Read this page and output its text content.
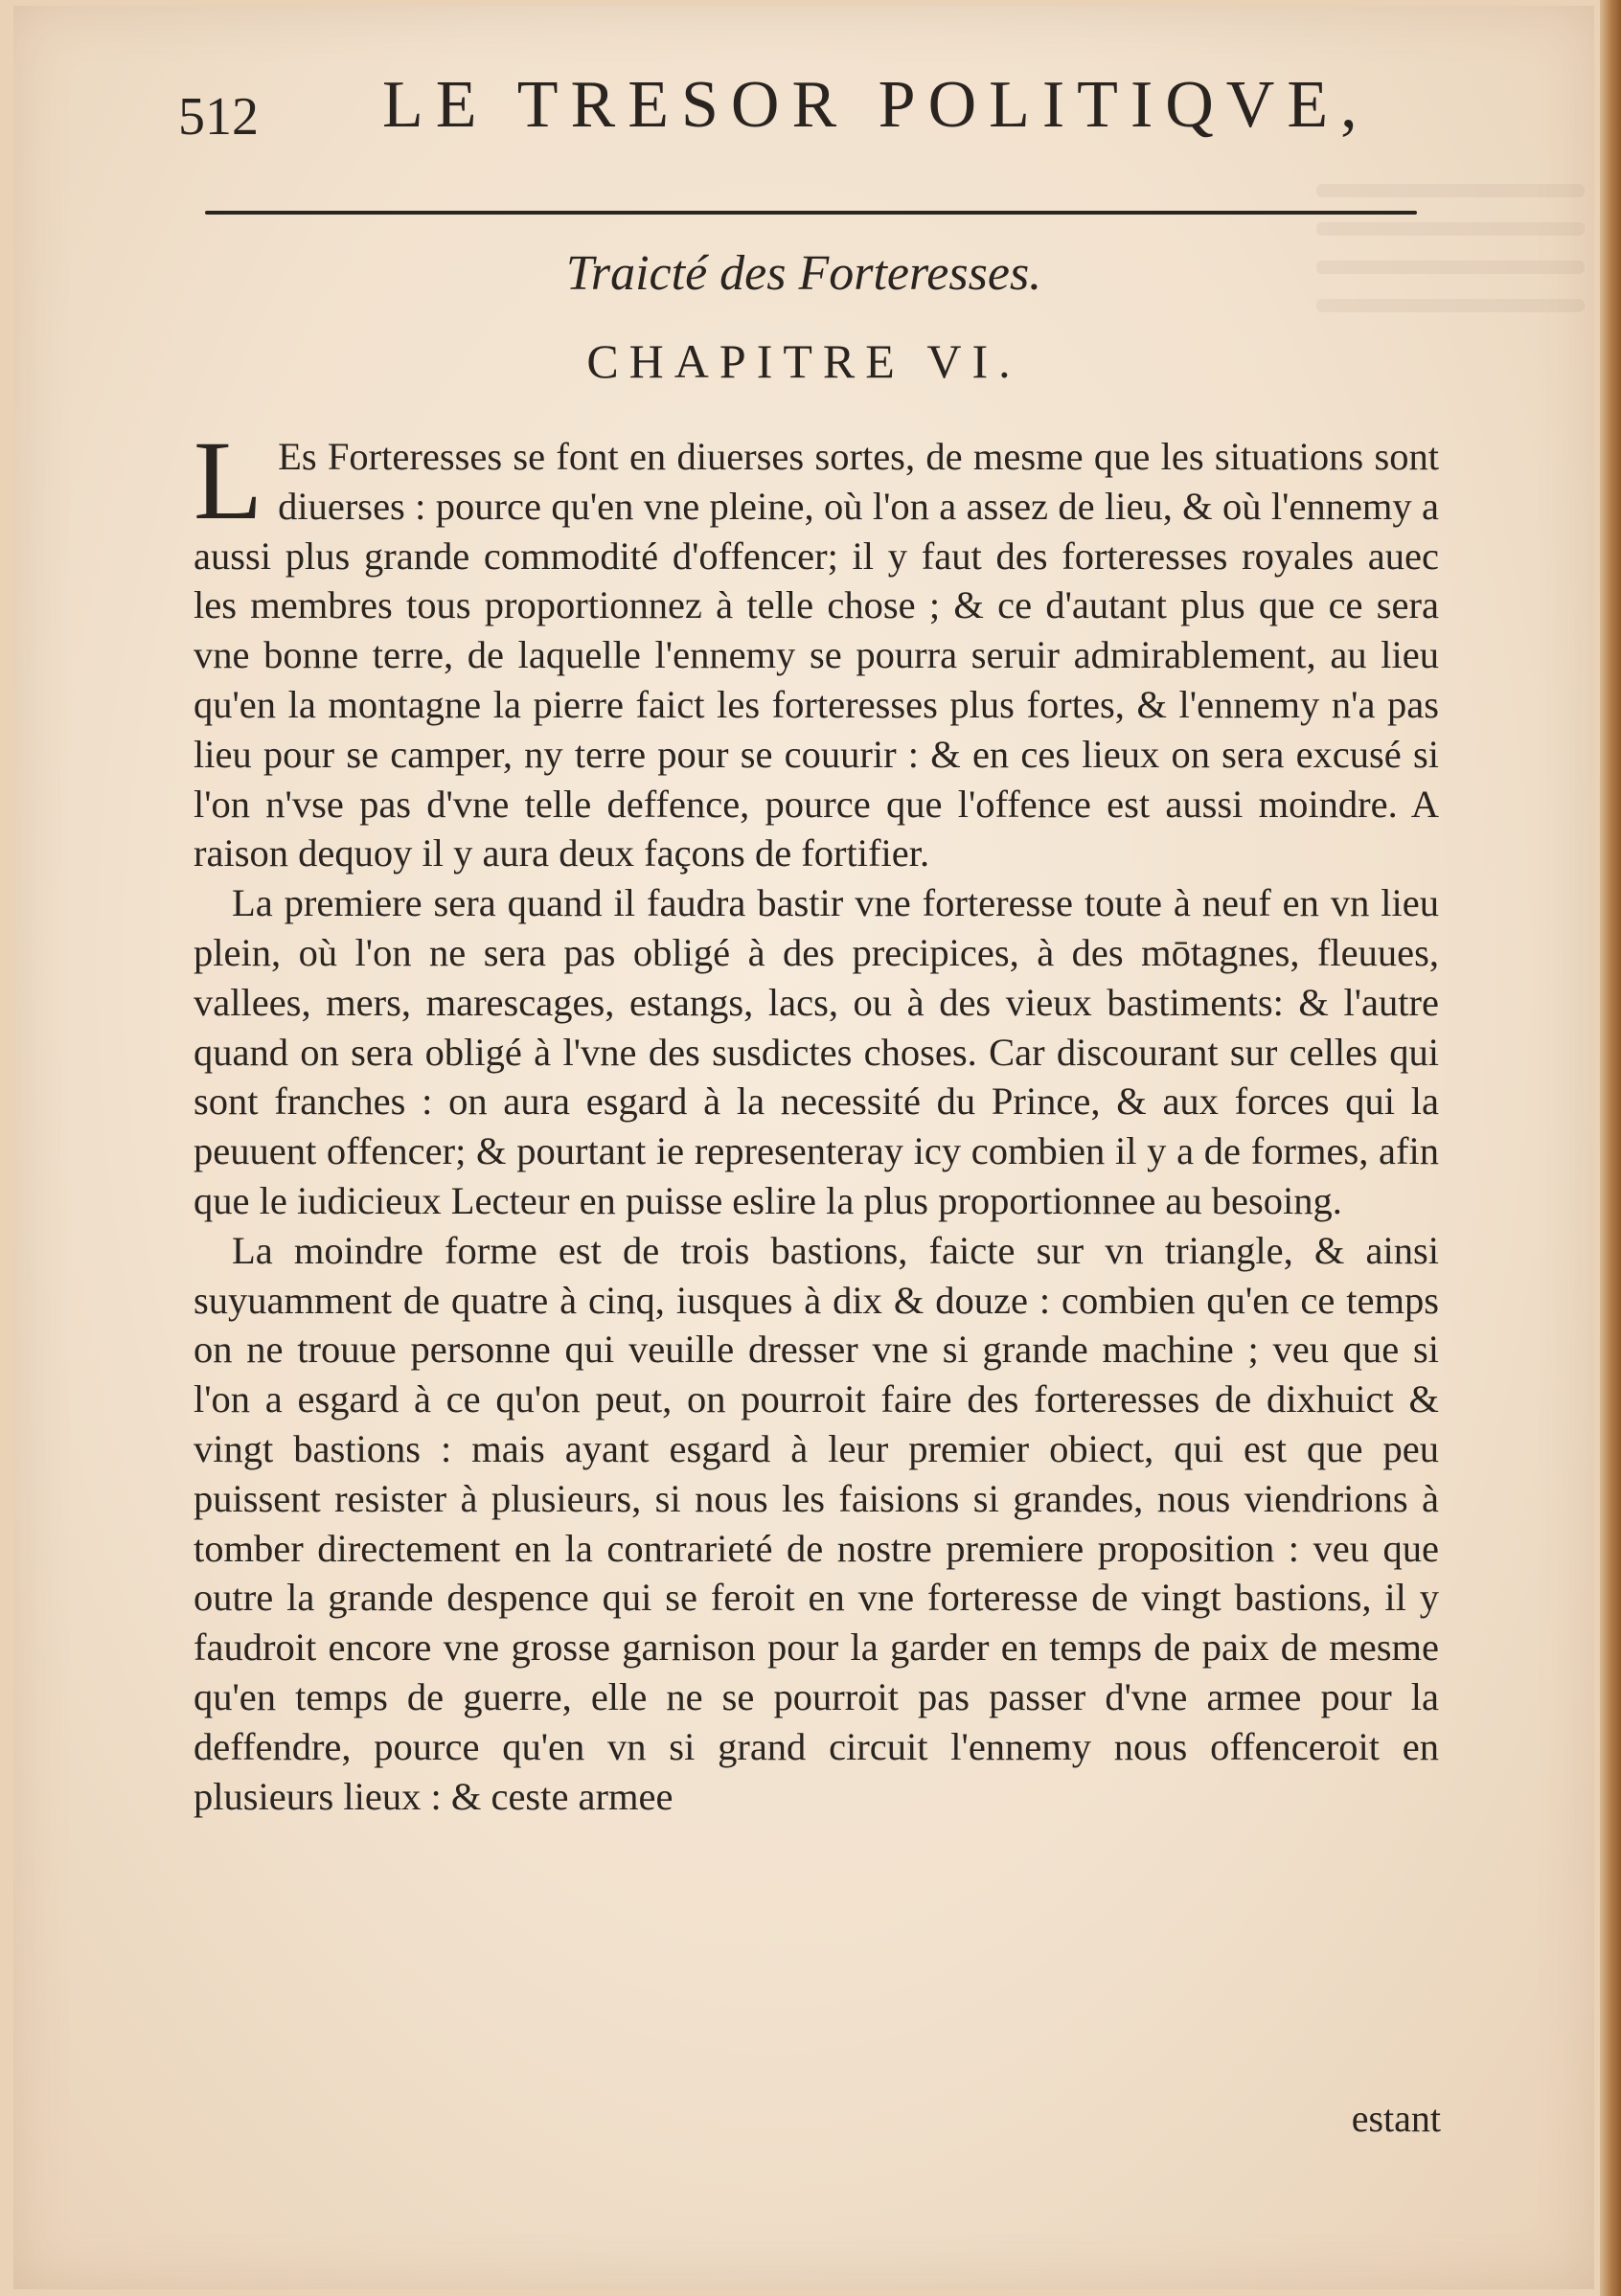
512 LE TRESOR POLITIQVE,
Traicté des Forteresses.
CHAPITRE VI.

L Es Forteresses se font en diuerses sortes, de mesme que les situations sont diuerses : pource qu'en vne pleine, où l'on a assez de lieu, & où l'ennemy a aussi plus grande commodité d'offencer; il y faut des forteresses royales auec les membres tous proportionnez à telle chose ; & ce d'autant plus que ce sera vne bonne terre, de laquelle l'ennemy se pourra seruir admirablement, au lieu qu'en la montagne la pierre faict les forteresses plus fortes, & l'ennemy n'a pas lieu pour se camper, ny terre pour se couurir : & en ces lieux on sera excusé si l'on n'vse pas d'vne telle deffence, pource que l'offence est aussi moindre. A raison dequoy il y aura deux façons de fortifier.

La premiere sera quand il faudra bastir vne forteresse toute à neuf en vn lieu plein, où l'on ne sera pas obligé à des precipices, à des mōtagnes, fleuues, vallees, mers, marescages, estangs, lacs, ou à des vieux bastiments: & l'autre quand on sera obligé à l'vne des susdictes choses. Car discourant sur celles qui sont franches : on aura esgard à la necessité du Prince, & aux forces qui la peuuent offencer; & pourtant ie representeray icy combien il y a de formes, afin que le iudicieux Lecteur en puisse eslire la plus proportionnee au besoing.

La moindre forme est de trois bastions, faicte sur vn triangle, & ainsi suyuamment de quatre à cinq, iusques à dix & douze : combien qu'en ce temps on ne trouue personne qui veuille dresser vne si grande machine ; veu que si l'on a esgard à ce qu'on peut, on pourroit faire des forteresses de dixhuict & vingt bastions : mais ayant esgard à leur premier obiect, qui est que peu puissent resister à plusieurs, si nous les faisions si grandes, nous viendrions à tomber directement en la contrarieté de nostre premiere proposition : veu que outre la grande despence qui se feroit en vne forteresse de vingt bastions, il y faudroit encore vne grosse garnison pour la garder en temps de paix de mesme qu'en temps de guerre, elle ne se pourroit pas passer d'vne armee pour la deffendre, pource qu'en vn si grand circuit l'ennemy nous offenceroit en plusieurs lieux : & ceste armee

estant
